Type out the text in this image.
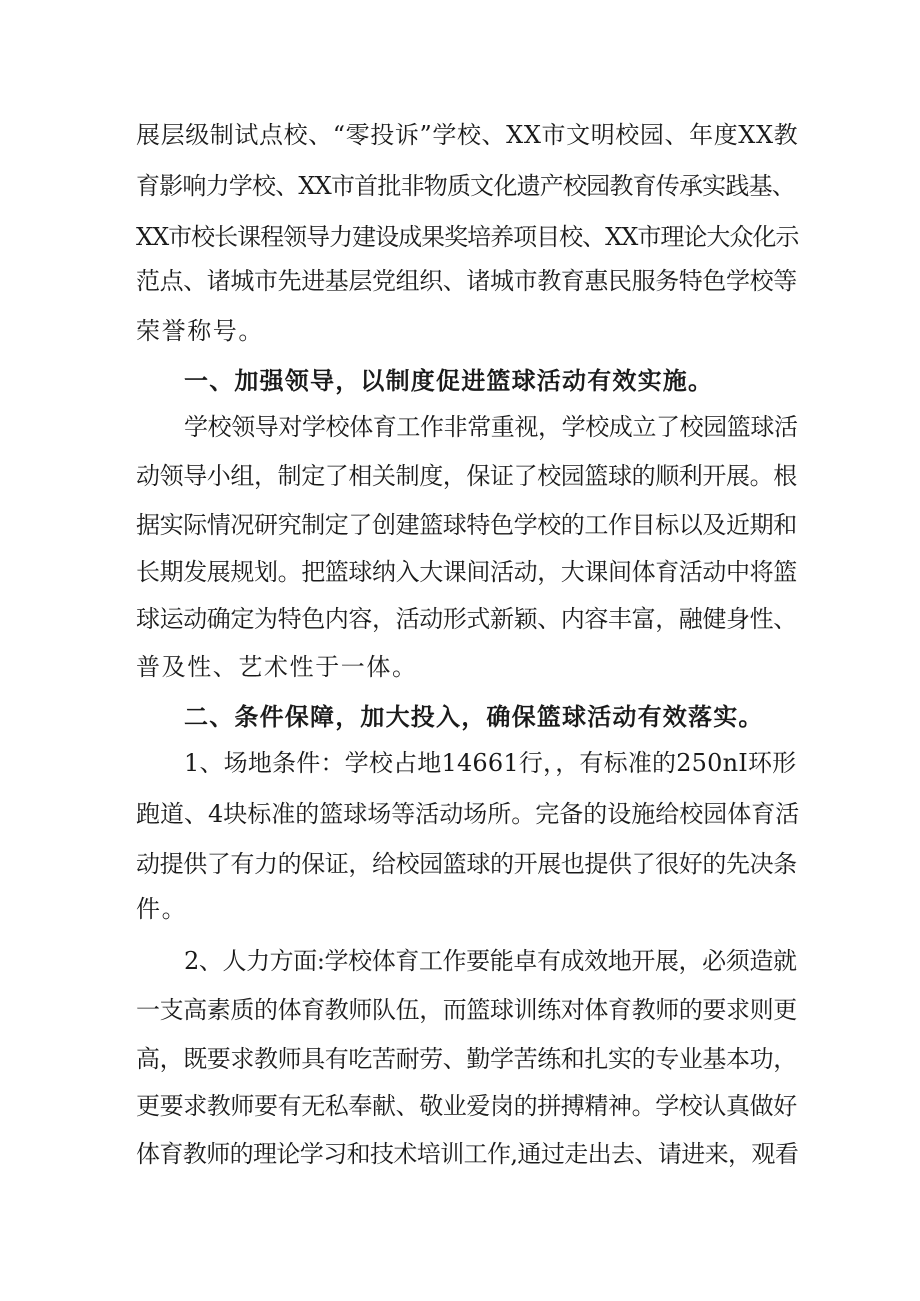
展层级制试点校、“零投诉”学校、XX市文明校园、年度XX教
育影响力学校、XX市首批非物质文化遗产校园教育传承实践基、
XX市校长课程领导力建设成果奖培养项目校、XX市理论大众化示
范点、诸城市先进基层党组织、诸城市教育惠民服务特色学校等
荣誉称号。
一、加强领导，以制度促进篮球活动有效实施。
学校领导对学校体育工作非常重视，学校成立了校园篮球活
动领导小组，制定了相关制度，保证了校园篮球的顺利开展。根
据实际情况研究制定了创建篮球特色学校的工作目标以及近期和
长期发展规划。把篮球纳入大课间活动，大课间体育活动中将篮
球运动确定为特色内容，活动形式新颖、内容丰富，融健身性、
普及性、艺术性于一体。
二、条件保障，加大投入，确保篮球活动有效落实。
1、场地条件：学校占地14661行，，有标准的250nI环形
跑道、4块标准的篮球场等活动场所。完备的设施给校园体育活
动提供了有力的保证，给校园篮球的开展也提供了很好的先决条
件。
2、人力方面:学校体育工作要能卓有成效地开展，必须造就
一支高素质的体育教师队伍，而篮球训练对体育教师的要求则更
高，既要求教师具有吃苦耐劳、勤学苦练和扎实的专业基本功，
更要求教师要有无私奉献、敬业爱岗的拼搏精神。学校认真做好
体育教师的理论学习和技术培训工作,通过走出去、请进来，观看
